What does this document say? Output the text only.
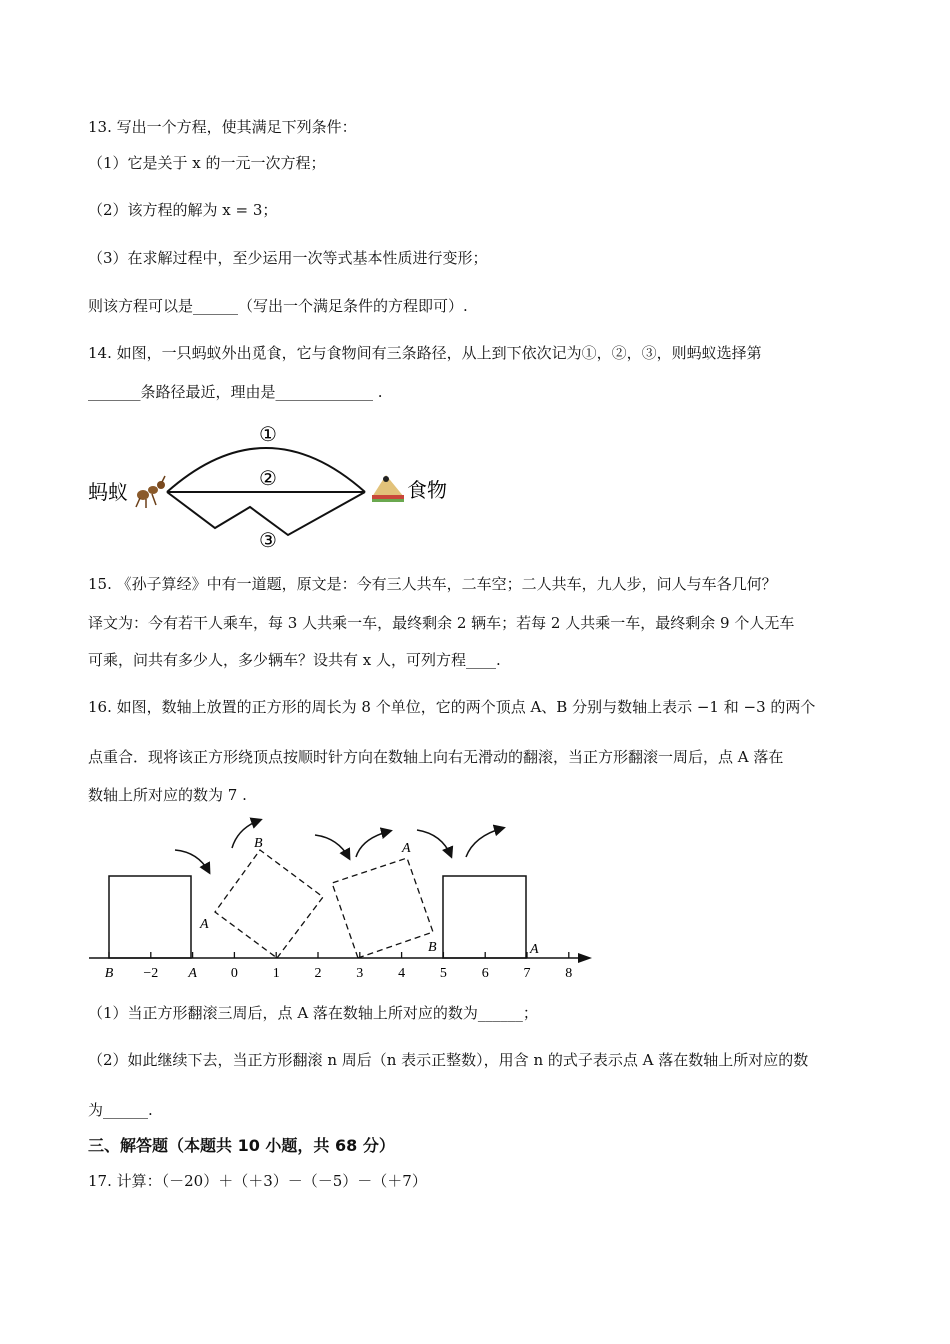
13. 写出一个方程，使其满足下列条件：
（1）它是关于 x 的一元一次方程；
（2）该方程的解为 x = 3；
（3）在求解过程中，至少运用一次等式基本性质进行变形；
则该方程可以是______（写出一个满足条件的方程即可）.
14. 如图，一只蚂蚁外出觅食，它与食物间有三条路径，从上到下依次记为①，②，③，则蚂蚁选择第
_______条路径最近，理由是_____________ .
蚂蚁
①
②
③
食物
15. 《孙子算经》中有一道题，原文是：今有三人共车，二车空；二人共车，九人步，问人与车各几何？
译文为：今有若干人乘车，每 3 人共乘一车，最终剩余 2 辆车；若每 2 人共乘一车，最终剩余 9 个人无车
可乘，问共有多少人，多少辆车？设共有 x 人，可列方程____.
16. 如图，数轴上放置的正方形的周长为 8 个单位，它的两个顶点 A、B 分别与数轴上表示 −1 和 −3 的两个
点重合．现将该正方形绕顶点按顺时针方向在数轴上向右无滑动的翻滚，当正方形翻滚一周后，点 A 落在
数轴上所对应的数为 7 .
B −2 A 0 1 2 3 4 5 6 7 8
A
B	A
B	A
（1）当正方形翻滚三周后，点 A 落在数轴上所对应的数为______；
（2）如此继续下去，当正方形翻滚 n 周后（n 表示正整数），用含 n 的式子表示点 A 落在数轴上所对应的数
为______.
三、解答题（本题共 10 小题，共 68 分）
17. 计算：（－20）＋（＋3）－（－5）－（＋7）
